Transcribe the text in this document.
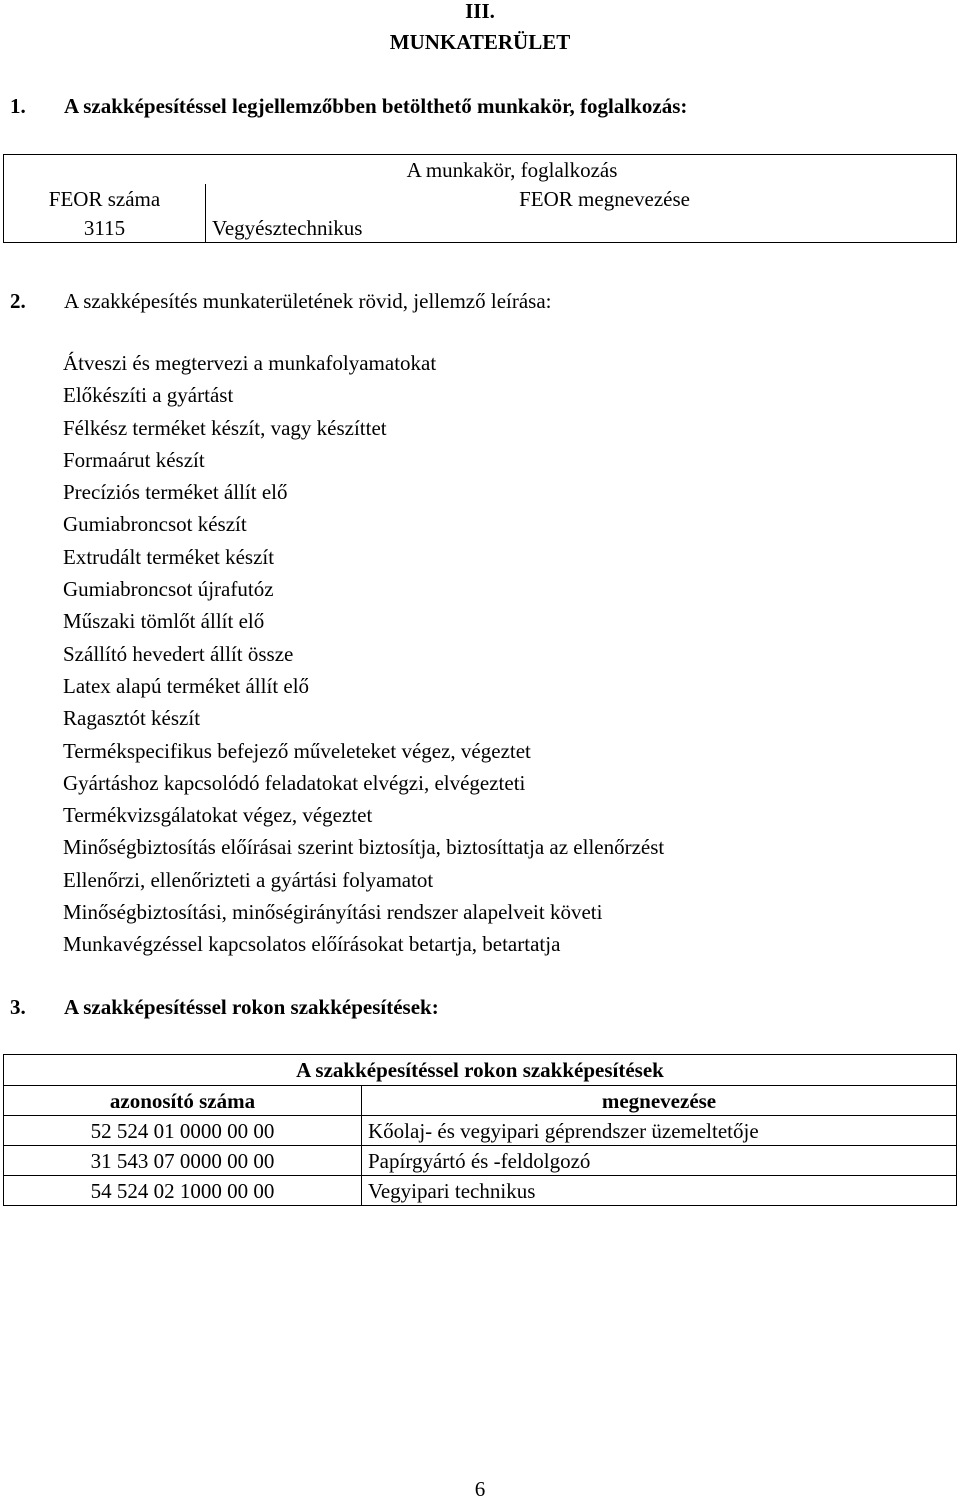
III.
MUNKATERÜLET
1. A szakképesítéssel legjellemzőbben betölthető munkakör, foglalkozás:
A munkakör, foglalkozás	
FEOR száma	FEOR megnevezése
3115	Vegyésztechnikus
2. A szakképesítés munkaterületének rövid, jellemző leírása:
Átveszi és megtervezi a munkafolyamatokat
Előkészíti a gyártást
Félkész terméket készít, vagy készíttet
Formaárut készít
Precíziós terméket állít elő
Gumiabroncsot készít
Extrudált terméket készít
Gumiabroncsot újrafutóz
Műszaki tömlőt állít elő
Szállító hevedert állít össze
Latex alapú terméket állít elő
Ragasztót készít
Termékspecifikus befejező műveleteket végez, végeztet
Gyártáshoz kapcsolódó feladatokat elvégzi, elvégezteti
Termékvizsgálatokat végez, végeztet
Minőségbiztosítás előírásai szerint biztosítja, biztosíttatja az ellenőrzést
Ellenőrzi, ellenőrizteti a gyártási folyamatot
Minőségbiztosítási, minőségirányítási rendszer alapelveit követi
Munkavégzéssel kapcsolatos előírásokat betartja, betartatja
3. A szakképesítéssel rokon szakképesítések:
A szakképesítéssel rokon szakképesítések	
azonosító száma	megnevezése
52 524 01 0000 00 00	Kőolaj- és vegyipari géprendszer üzemeltetője
31 543 07 0000 00 00	Papírgyártó és -feldolgozó
54 524 02 1000 00 00	Vegyipari technikus
6
